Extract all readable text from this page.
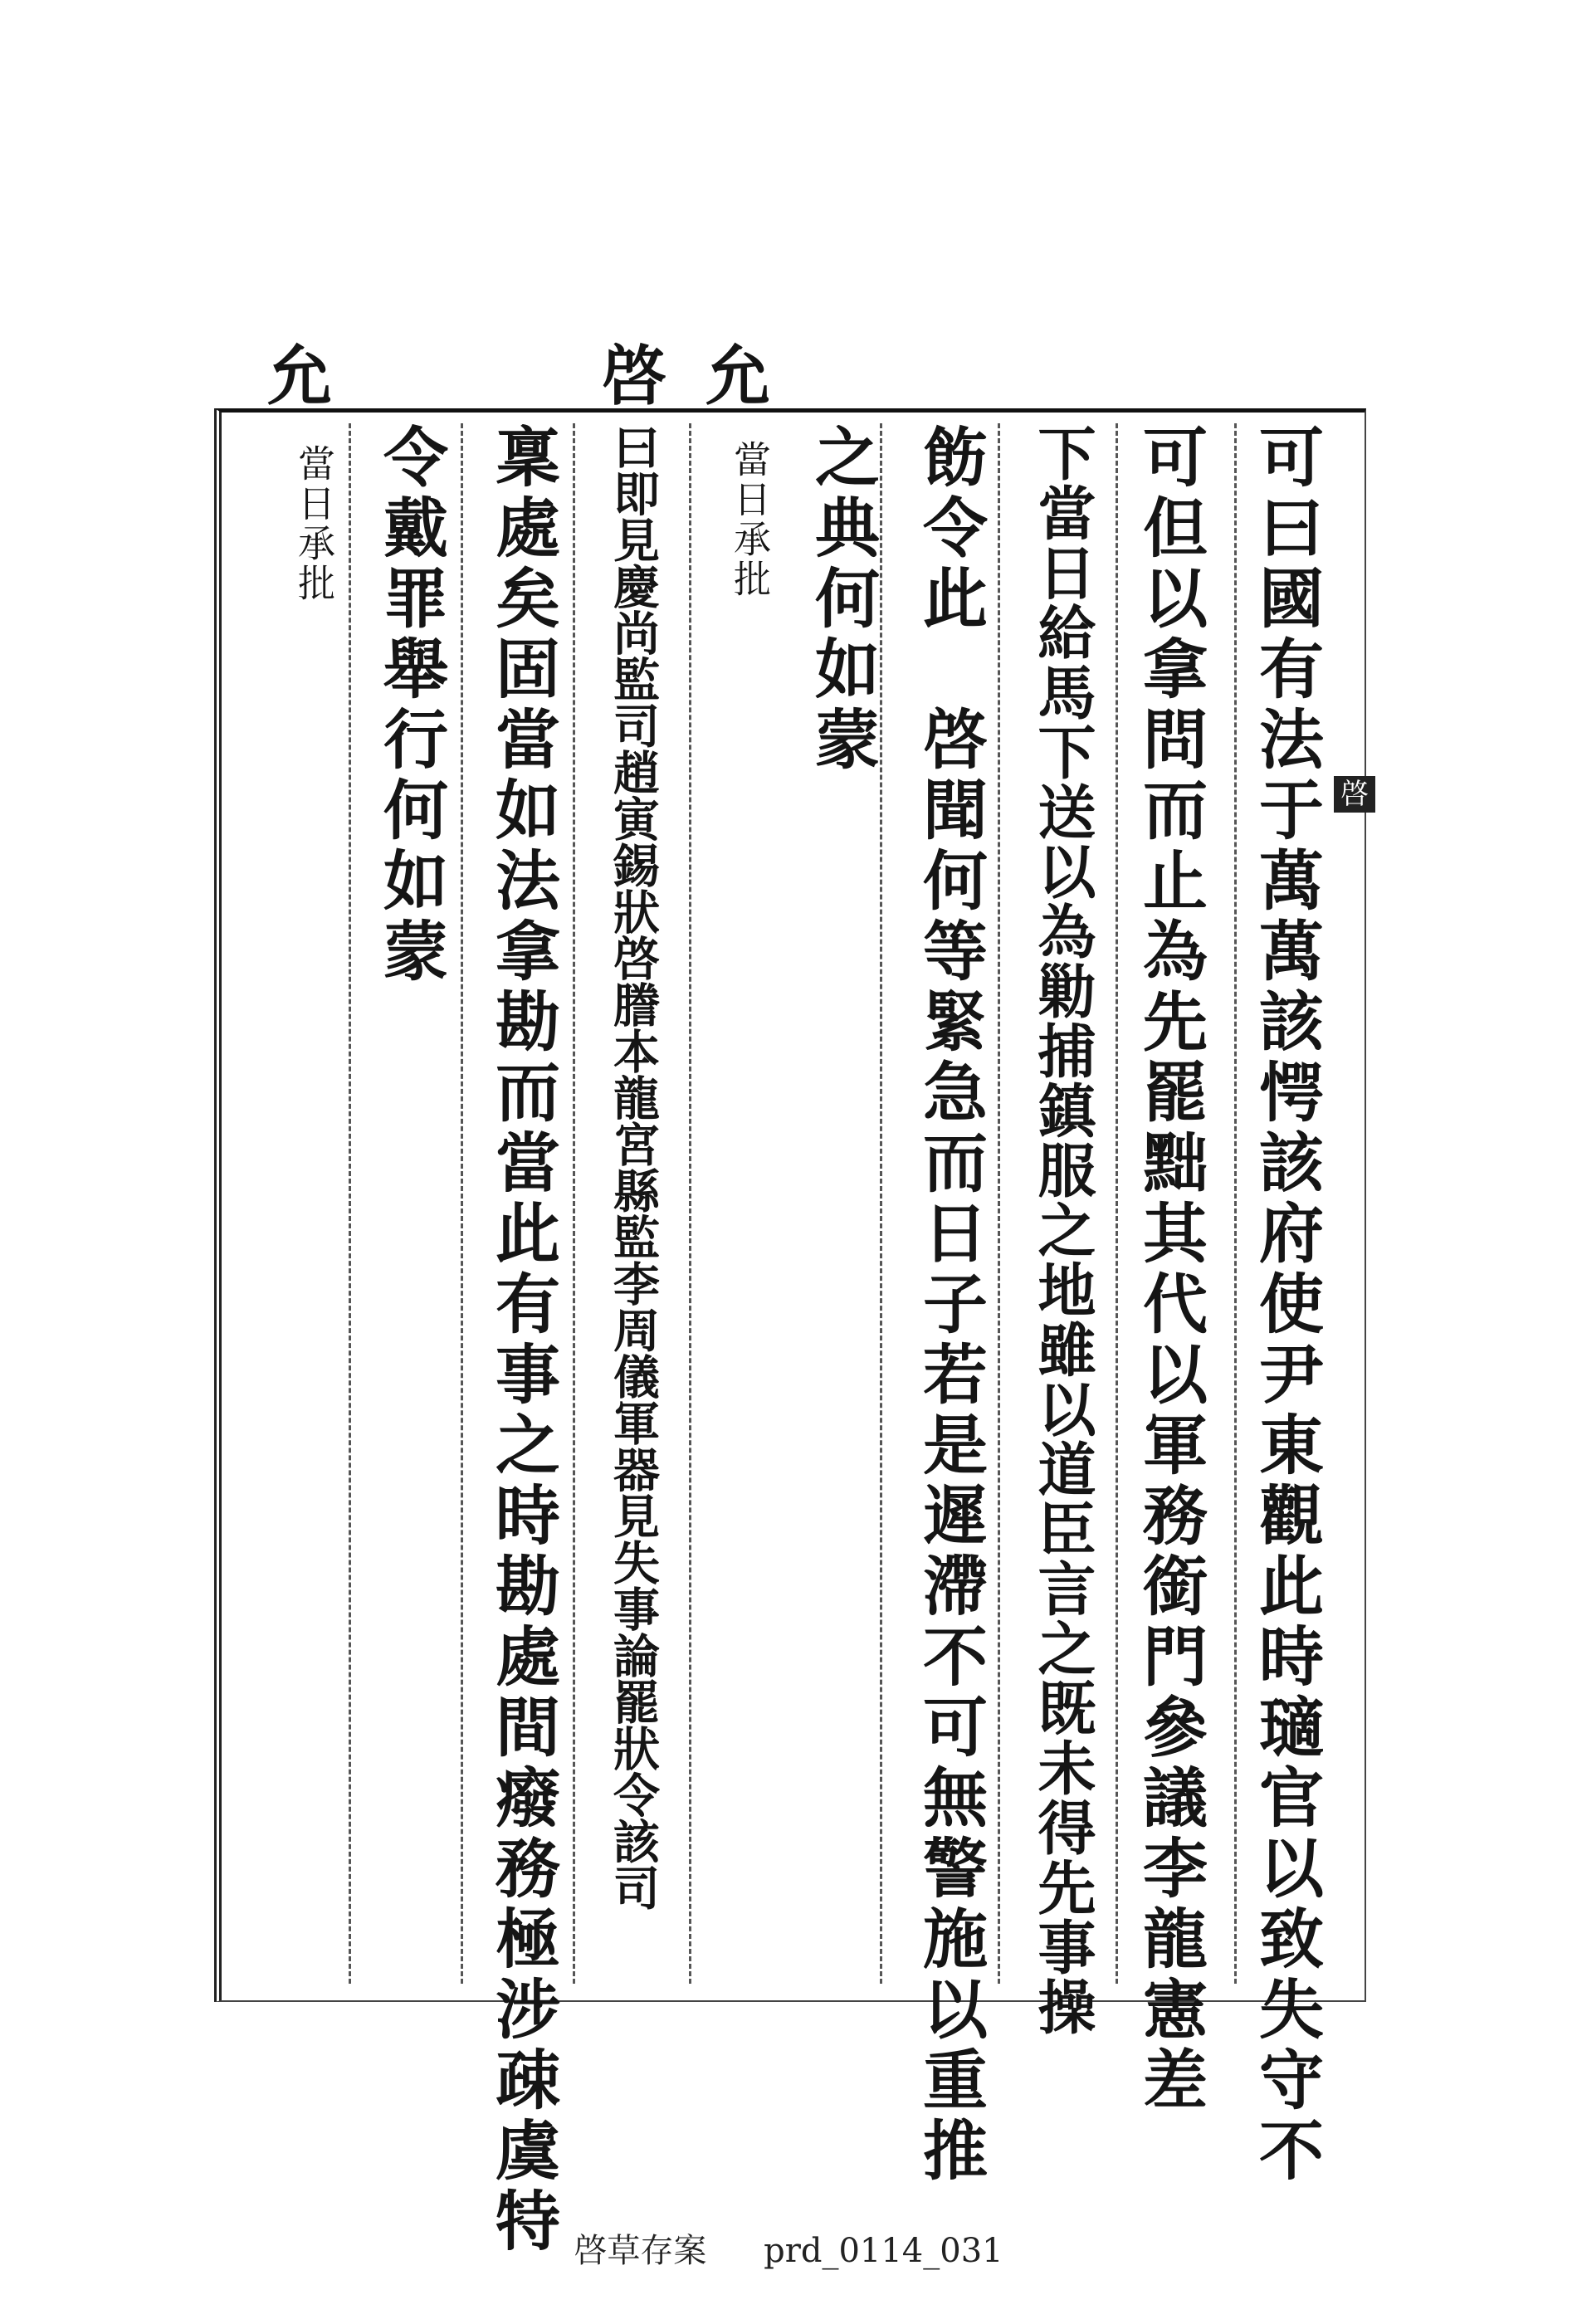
允	啓 允
可曰國有法于萬萬該愕該府使尹東觀此時瓋官以致失守不
可但以拿問而止為先罷黜其代以軍務銜門參議李龍憲差
下當日給馬下送以為勦捕鎮服之地雖以道臣言之既未得先事操
飭令此　啓聞何等緊急而日子若是遲滯不可無警施以重推
之典何如蒙
當日承批
曰即見慶尚監司趙寅錫狀啓謄本龍宮縣監李周儀軍器見失事論罷狀令該司
稟處矣固當如法拿勘而當此有事之時勘處間癈務極涉疎虞特
令戴罪舉行何如蒙
當日承批
啓
啓草存案 prd_0114_031
